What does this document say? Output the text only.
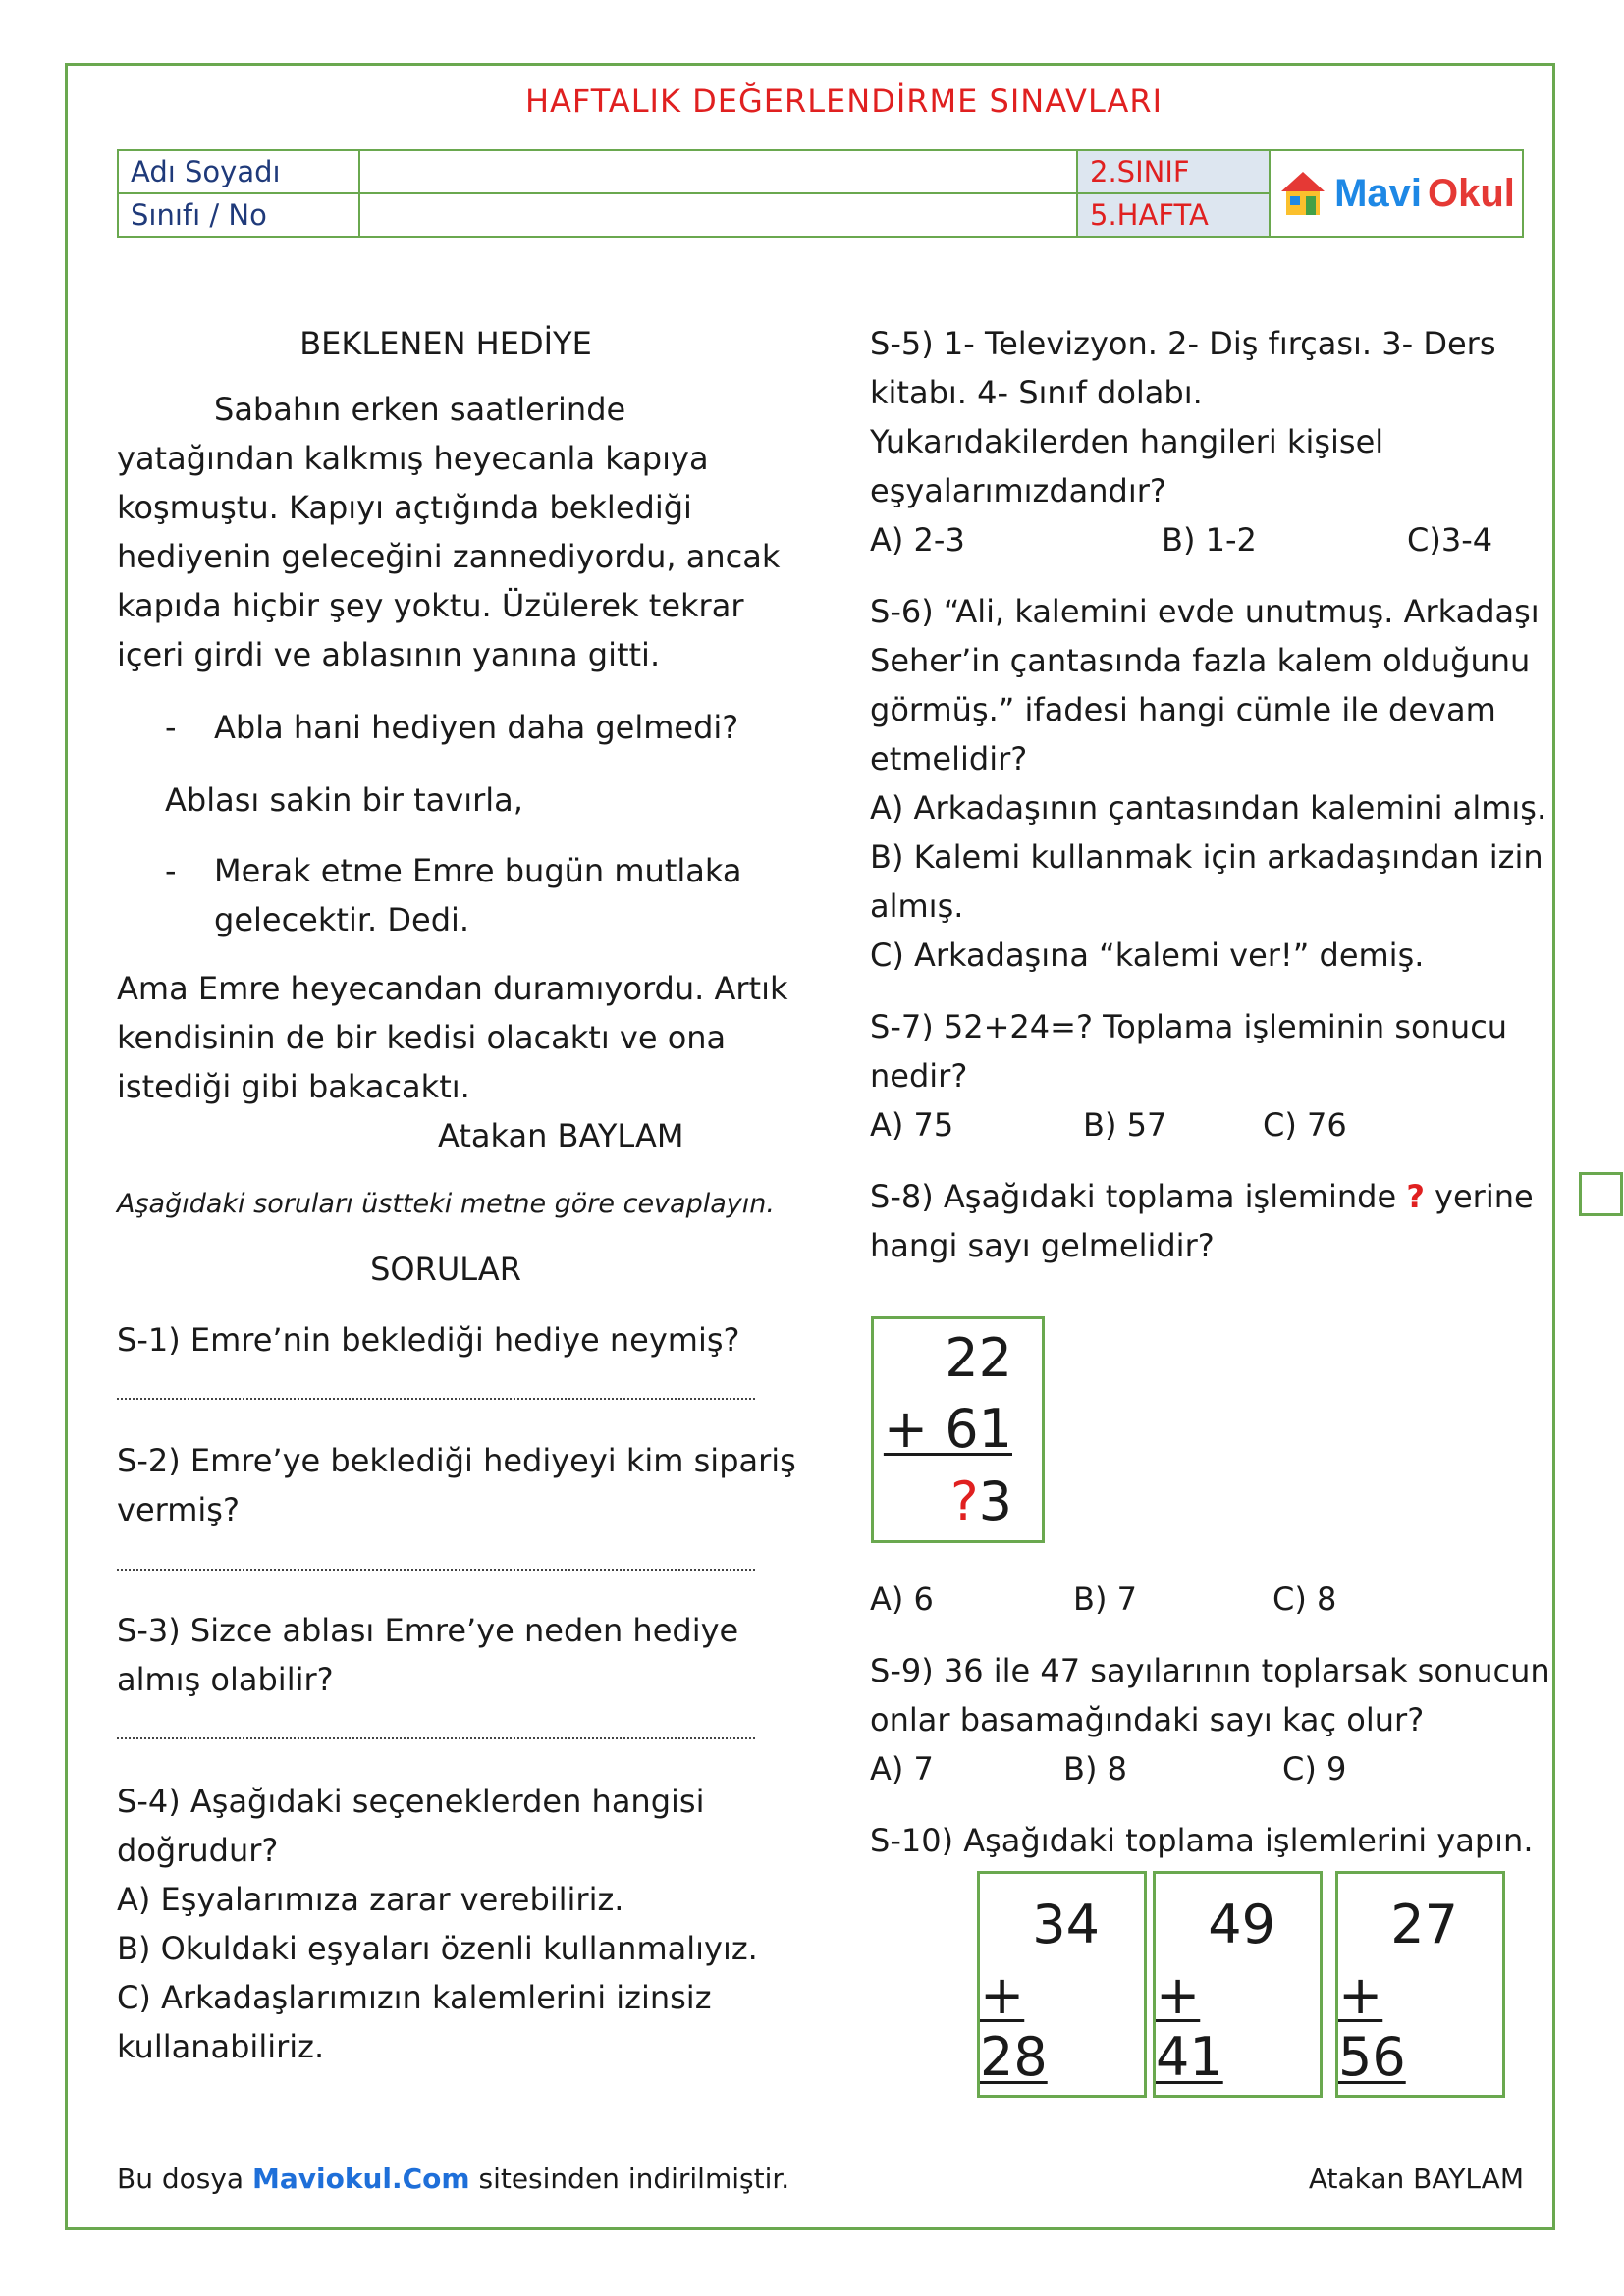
HAFTALIK DEĞERLENDİRME SINAVLARI
Adı Soyadı		2.SINIF	Mavi Okul

Sınıfı / No		5.HAFTA	
BEKLENEN HEDİYE
Sabahın erken saatlerinde
yatağından kalkmış heyecanla kapıya
koşmuştu. Kapıyı açtığında beklediği
hediyenin geleceğini zannediyordu, ancak
kapıda hiçbir şey yoktu. Üzülerek tekrar
içeri girdi ve ablasının yanına gitti.
- Abla hani hediyen daha gelmedi?
Ablası sakin bir tavırla,
- Merak etme Emre bugün mutlaka
gelecektir. Dedi.
Ama Emre heyecandan duramıyordu. Artık
kendisinin de bir kedisi olacaktı ve ona
istediği gibi bakacaktı.
Atakan BAYLAM
Aşağıdaki soruları üstteki metne göre cevaplayın.
SORULAR
S-1) Emre’nin beklediği hediye neymiş?
S-2) Emre’ye beklediği hediyeyi kim sipariş
vermiş?
S-3) Sizce ablası Emre’ye neden hediye
almış olabilir?
S-4) Aşağıdaki seçeneklerden hangisi
doğrudur?
A) Eşyalarımıza zarar verebiliriz.
B) Okuldaki eşyaları özenli kullanmalıyız.
C) Arkadaşlarımızın kalemlerini izinsiz
kullanabiliriz.
S-5) 1- Televizyon. 2- Diş fırçası. 3- Ders
kitabı. 4- Sınıf dolabı.
Yukarıdakilerden hangileri kişisel
eşyalarımızdandır?
A) 2-3	B) 1-2	C)3-4
S-6) “Ali, kalemini evde unutmuş. Arkadaşı
Seher’in çantasında fazla kalem olduğunu
görmüş.” ifadesi hangi cümle ile devam
etmelidir?
A) Arkadaşının çantasından kalemini almış.
B) Kalemi kullanmak için arkadaşından izin
almış.
C) Arkadaşına “kalemi ver!” demiş.
S-7) 52+24=? Toplama işleminin sonucu
nedir?
A) 75	B) 57	C) 76
S-8) Aşağıdaki toplama işleminde ? yerine
hangi sayı gelmelidir?
22
+ 61
?3
A) 6	B) 7	C) 8
S-9) 36 ile 47 sayılarının toplarsak sonucun
onlar basamağındaki sayı kaç olur?
A) 7	B) 8	C) 9
S-10) Aşağıdaki toplama işlemlerini yapın.
34
+ 28
49
+ 41
27
+ 56
Bu dosya Maviokul.Com sitesinden indirilmiştir.	Atakan BAYLAM
